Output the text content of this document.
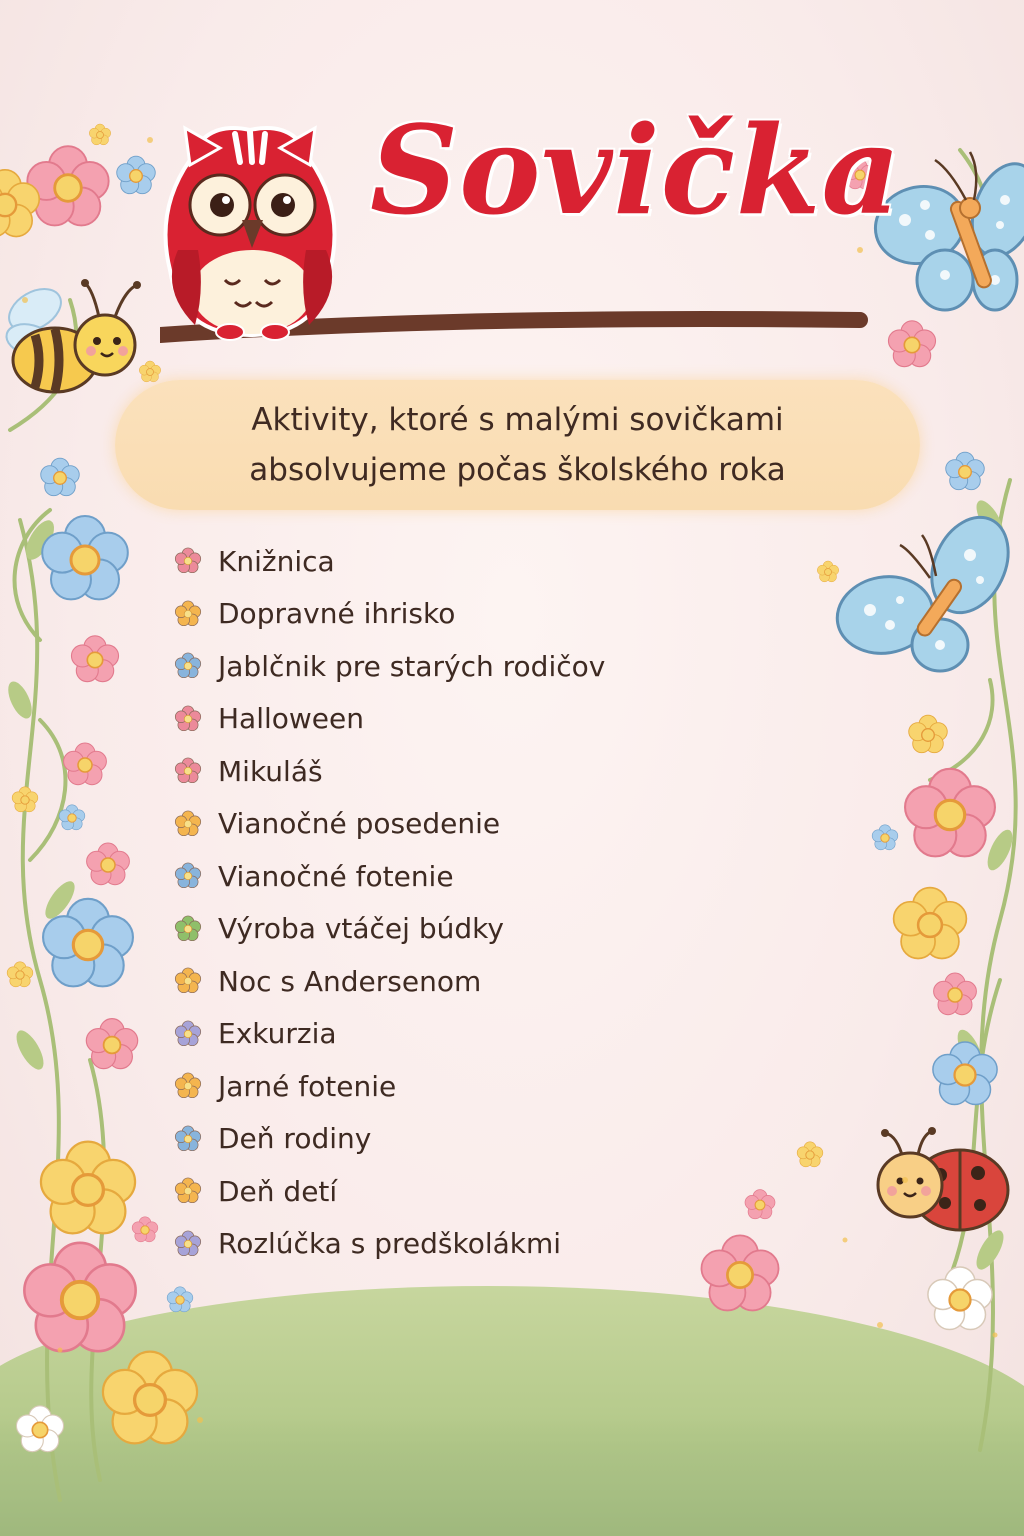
Sovička
Aktivity, ktoré s malými sovičkami
absolvujeme počas školského roka
Knižnica
Dopravné ihrisko
Jablčnik pre starých rodičov
Halloween
Mikuláš
Vianočné posedenie
Vianočné fotenie
Výroba vtáčej búdky
Noc s Andersenom
Exkurzia
Jarné fotenie
Deň rodiny
Deň detí
Rozlúčka s predškolákmi
